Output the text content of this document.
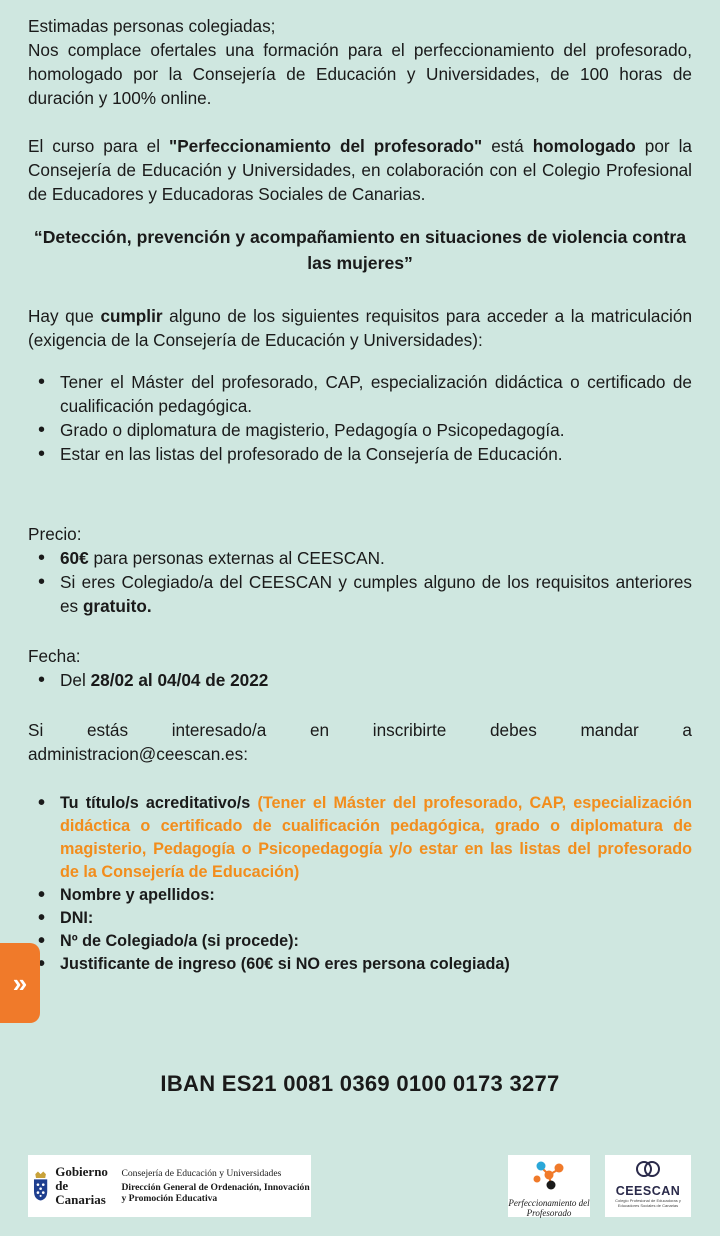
Estimadas personas colegiadas;

Nos complace ofertales una formación para el perfeccionamiento del profesorado, homologado por la Consejería de Educación y Universidades, de 100 horas de duración y 100% online.

El curso para el "Perfeccionamiento del profesorado" está homologado por la Consejería de Educación y Universidades, en colaboración con el Colegio Profesional de Educadores y Educadoras Sociales de Canarias.

“Detección, prevención y acompañamiento en situaciones de violencia contra las mujeres”

Hay que cumplir alguno de los siguientes requisitos para acceder a la matriculación (exigencia de la Consejería de Educación y Universidades):

• Tener el Máster del profesorado, CAP, especialización didáctica o certificado de cualificación pedagógica.
• Grado o diplomatura de magisterio, Pedagogía o Psicopedagogía.
• Estar en las listas del profesorado de la Consejería de Educación.

Precio:

• 60€ para personas externas al CEESCAN.
• Si eres Colegiado/a del CEESCAN y cumples alguno de los requisitos anteriores es gratuito.

Fecha:

• Del 28/02 al 04/04 de 2022

Si estás interesado/a en inscribirte debes mandar a

administracion@ceescan.es:

• Tu título/s acreditativo/s (Tener el Máster del profesorado, CAP, especialización didáctica o certificado de cualificación pedagógica, grado o diplomatura de magisterio, Pedagogía o Psicopedagogía y/o estar en las listas del profesorado de la Consejería de Educación)
• Nombre y apellidos:
• DNI:
• Nº de Colegiado/a (si procede):
• Justificante de ingreso (60€ si NO eres persona colegiada)
IBAN ES21 0081 0369 0100 0173 3277
»
Gobierno de Canarias
Consejería de Educación y Universidades
Dirección General de Ordenación, Innovación y Promoción Educativa	Perfeccionamiento del Profesorado
CEESCAN
Colegio Profesional de Educadoras y Educadores Sociales de Canarias
